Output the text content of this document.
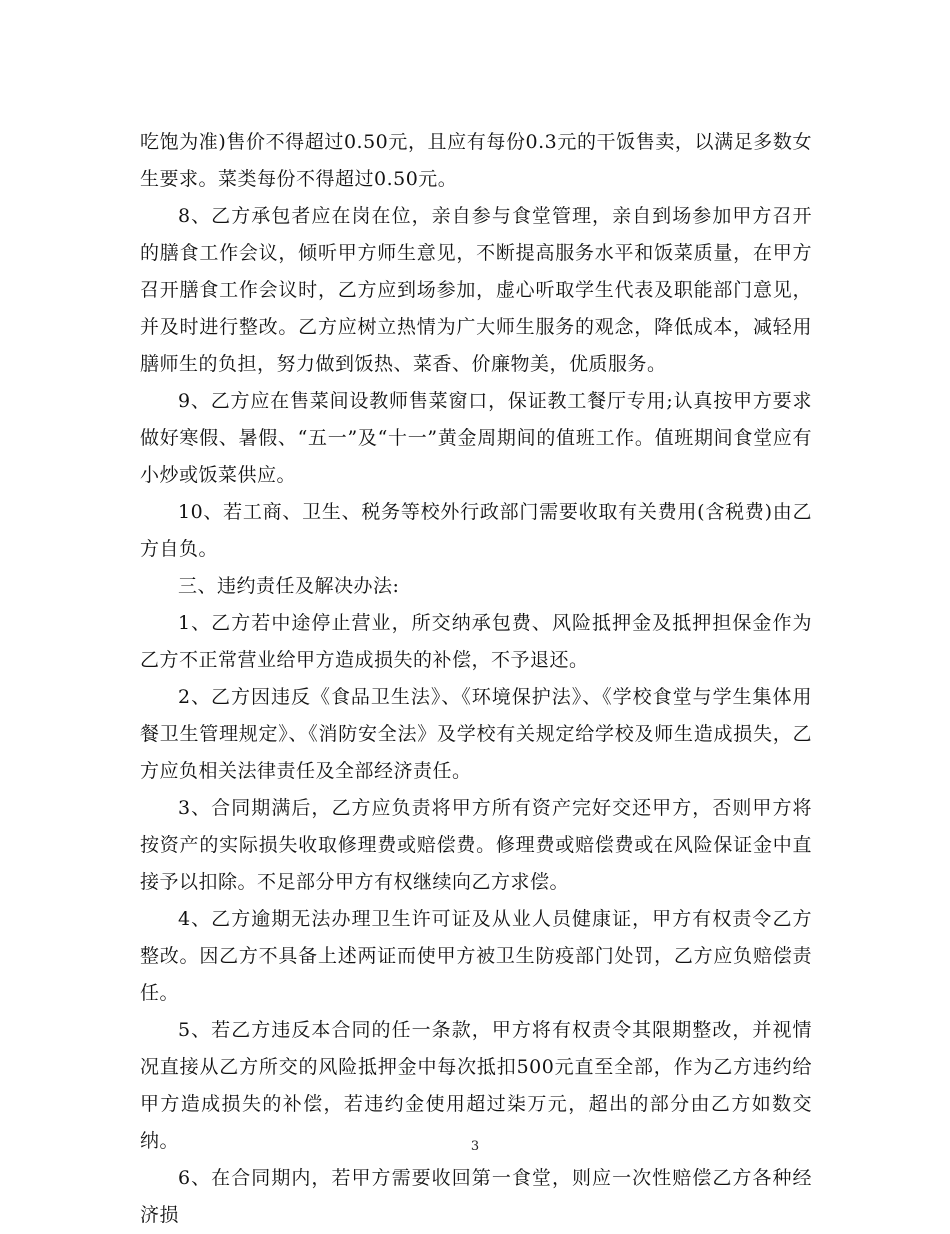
吃饱为准)售价不得超过0.50元，且应有每份0.3元的干饭售卖，以满足多数女生要求。菜类每份不得超过0.50元。

8、乙方承包者应在岗在位，亲自参与食堂管理，亲自到场参加甲方召开的膳食工作会议，倾听甲方师生意见，不断提高服务水平和饭菜质量，在甲方召开膳食工作会议时，乙方应到场参加，虚心听取学生代表及职能部门意见，并及时进行整改。乙方应树立热情为广大师生服务的观念，降低成本，减轻用膳师生的负担，努力做到饭热、菜香、价廉物美，优质服务。

9、乙方应在售菜间设教师售菜窗口，保证教工餐厅专用;认真按甲方要求做好寒假、暑假、“五一”及“十一”黄金周期间的值班工作。值班期间食堂应有小炒或饭菜供应。

10、若工商、卫生、税务等校外行政部门需要收取有关费用(含税费)由乙方自负。

三、违约责任及解决办法:

1、乙方若中途停止营业，所交纳承包费、风险抵押金及抵押担保金作为乙方不正常营业给甲方造成损失的补偿，不予退还。

2、乙方因违反《食品卫生法》、《环境保护法》、《学校食堂与学生集体用餐卫生管理规定》、《消防安全法》及学校有关规定给学校及师生造成损失，乙方应负相关法律责任及全部经济责任。

3、合同期满后，乙方应负责将甲方所有资产完好交还甲方，否则甲方将按资产的实际损失收取修理费或赔偿费。修理费或赔偿费或在风险保证金中直接予以扣除。不足部分甲方有权继续向乙方求偿。

4、乙方逾期无法办理卫生许可证及从业人员健康证，甲方有权责令乙方整改。因乙方不具备上述两证而使甲方被卫生防疫部门处罚，乙方应负赔偿责任。

5、若乙方违反本合同的任一条款，甲方将有权责令其限期整改，并视情况直接从乙方所交的风险抵押金中每次抵扣500元直至全部，作为乙方违约给甲方造成损失的补偿，若违约金使用超过柒万元，超出的部分由乙方如数交纳。

6、在合同期内，若甲方需要收回第一食堂，则应一次性赔偿乙方各种经济损

3
